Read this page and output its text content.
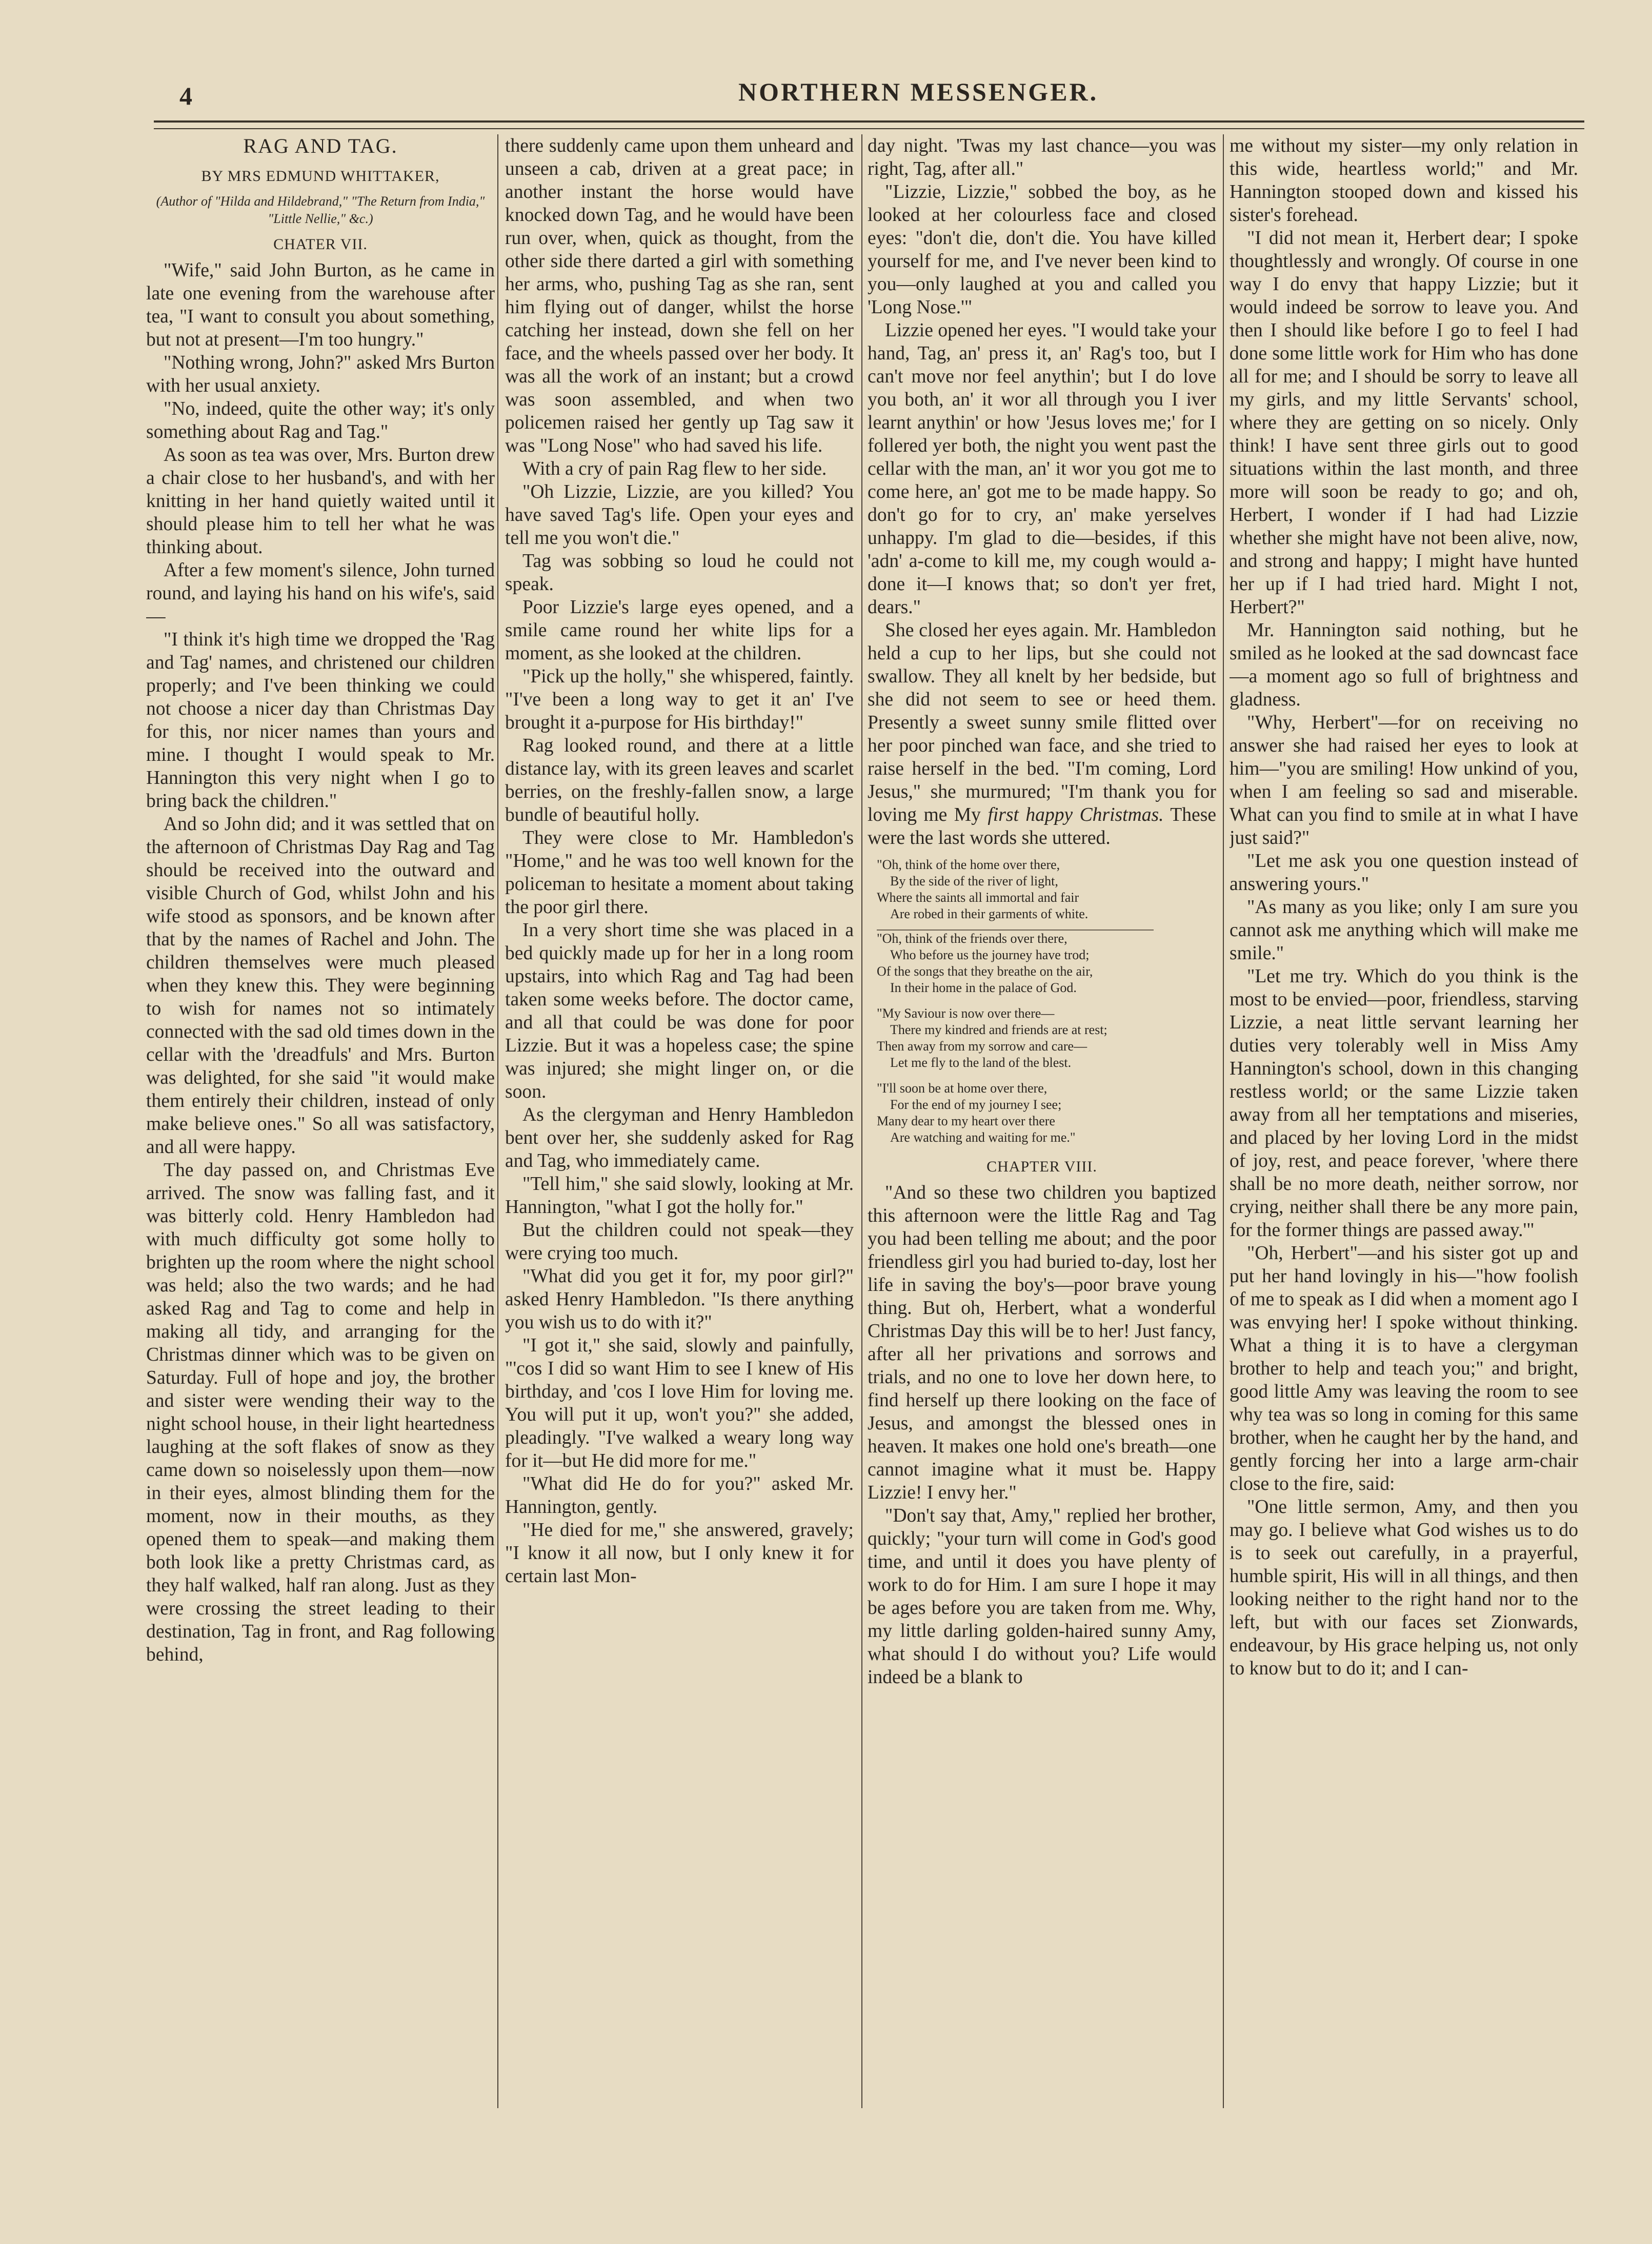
4	NORTHERN MESSENGER.

RAG AND TAG.

BY MRS EDMUND WHITTAKER,

(Author of "Hilda and Hildebrand," "The Return from India," "Little Nellie," &c.)

CHATER VII.

"Wife," said John Burton, as he came in late one evening from the warehouse after tea, "I want to consult you about something, but not at present—I'm too hungry."

"Nothing wrong, John?" asked Mrs Burton with her usual anxiety.

"No, indeed, quite the other way; it's only something about Rag and Tag."

As soon as tea was over, Mrs. Burton drew a chair close to her husband's, and with her knitting in her hand quietly waited until it should please him to tell her what he was thinking about.

After a few moment's silence, John turned round, and laying his hand on his wife's, said—

"I think it's high time we dropped the 'Rag and Tag' names, and christened our children properly; and I've been thinking we could not choose a nicer day than Christmas Day for this, nor nicer names than yours and mine. I thought I would speak to Mr. Hannington this very night when I go to bring back the children."

And so John did; and it was settled that on the afternoon of Christmas Day Rag and Tag should be received into the outward and visible Church of God, whilst John and his wife stood as sponsors, and be known after that by the names of Rachel and John. The children themselves were much pleased when they knew this. They were beginning to wish for names not so intimately connected with the sad old times down in the cellar with the 'dreadfuls' and Mrs. Burton was delighted, for she said "it would make them entirely their children, instead of only make believe ones." So all was satisfactory, and all were happy.

The day passed on, and Christmas Eve arrived. The snow was falling fast, and it was bitterly cold. Henry Hambledon had with much difficulty got some holly to brighten up the room where the night school was held; also the two wards; and he had asked Rag and Tag to come and help in making all tidy, and arranging for the Christmas dinner which was to be given on Saturday. Full of hope and joy, the brother and sister were wending their way to the night school house, in their light heartedness laughing at the soft flakes of snow as they came down so noiselessly upon them—now in their eyes, almost blinding them for the moment, now in their mouths, as they opened them to speak—and making them both look like a pretty Christmas card, as they half walked, half ran along. Just as they were crossing the street leading to their destination, Tag in front, and Rag following behind,

there suddenly came upon them unheard and unseen a cab, driven at a great pace; in another instant the horse would have knocked down Tag, and he would have been run over, when, quick as thought, from the other side there darted a girl with something her arms, who, pushing Tag as she ran, sent him flying out of danger, whilst the horse catching her instead, down she fell on her face, and the wheels passed over her body. It was all the work of an instant; but a crowd was soon assembled, and when two policemen raised her gently up Tag saw it was "Long Nose" who had saved his life.

With a cry of pain Rag flew to her side.

"Oh Lizzie, Lizzie, are you killed? You have saved Tag's life. Open your eyes and tell me you won't die."

Tag was sobbing so loud he could not speak.

Poor Lizzie's large eyes opened, and a smile came round her white lips for a moment, as she looked at the children.

"Pick up the holly," she whispered, faintly. "I've been a long way to get it an' I've brought it a-purpose for His birthday!"

Rag looked round, and there at a little distance lay, with its green leaves and scarlet berries, on the freshly-fallen snow, a large bundle of beautiful holly.

They were close to Mr. Hambledon's "Home," and he was too well known for the policeman to hesitate a moment about taking the poor girl there.

In a very short time she was placed in a bed quickly made up for her in a long room upstairs, into which Rag and Tag had been taken some weeks before. The doctor came, and all that could be was done for poor Lizzie. But it was a hopeless case; the spine was injured; she might linger on, or die soon.

As the clergyman and Henry Hambledon bent over her, she suddenly asked for Rag and Tag, who immediately came.

"Tell him," she said slowly, looking at Mr. Hannington, "what I got the holly for."

But the children could not speak—they were crying too much.

"What did you get it for, my poor girl?" asked Henry Hambledon. "Is there anything you wish us to do with it?"

"I got it," she said, slowly and painfully, "'cos I did so want Him to see I knew of His birthday, and 'cos I love Him for loving me. You will put it up, won't you?" she added, pleadingly. "I've walked a weary long way for it—but He did more for me."

"What did He do for you?" asked Mr. Hannington, gently.

"He died for me," she answered, gravely; "I know it all now, but I only knew it for certain last Mon-

day night. 'Twas my last chance—you was right, Tag, after all."

"Lizzie, Lizzie," sobbed the boy, as he looked at her colourless face and closed eyes: "don't die, don't die. You have killed yourself for me, and I've never been kind to you—only laughed at you and called you 'Long Nose.'"

Lizzie opened her eyes. "I would take your hand, Tag, an' press it, an' Rag's too, but I can't move nor feel anythin'; but I do love you both, an' it wor all through you I iver learnt anythin' or how 'Jesus loves me;' for I follered yer both, the night you went past the cellar with the man, an' it wor you got me to come here, an' got me to be made happy. So don't go for to cry, an' make yerselves unhappy. I'm glad to die—besides, if this 'adn' a-come to kill me, my cough would a-done it—I knows that; so don't yer fret, dears."

She closed her eyes again. Mr. Hambledon held a cup to her lips, but she could not swallow. They all knelt by her bedside, but she did not seem to see or heed them. Presently a sweet sunny smile flitted over her poor pinched wan face, and she tried to raise herself in the bed. "I'm coming, Lord Jesus," she murmured; "I'm thank you for loving me My first happy Christmas. These were the last words she uttered.

"Oh, think of the home over there,
By the side of the river of light,
Where the saints all immortal and fair
Are robed in their garments of white.
"Oh, think of the friends over there,
Who before us the journey have trod;
Of the songs that they breathe on the air,
In their home in the palace of God.
"My Saviour is now over there—
There my kindred and friends are at rest;
Then away from my sorrow and care—
Let me fly to the land of the blest.
"I'll soon be at home over there,
For the end of my journey I see;
Many dear to my heart over there
Are watching and waiting for me."

CHAPTER VIII.

"And so these two children you baptized this afternoon were the little Rag and Tag you had been telling me about; and the poor friendless girl you had buried to-day, lost her life in saving the boy's—poor brave young thing. But oh, Herbert, what a wonderful Christmas Day this will be to her! Just fancy, after all her privations and sorrows and trials, and no one to love her down here, to find herself up there looking on the face of Jesus, and amongst the blessed ones in heaven. It makes one hold one's breath—one cannot imagine what it must be. Happy Lizzie! I envy her."

"Don't say that, Amy," replied her brother, quickly; "your turn will come in God's good time, and until it does you have plenty of work to do for Him. I am sure I hope it may be ages before you are taken from me. Why, my little darling golden-haired sunny Amy, what should I do without you? Life would indeed be a blank to

me without my sister—my only relation in this wide, heartless world;" and Mr. Hannington stooped down and kissed his sister's forehead.

"I did not mean it, Herbert dear; I spoke thoughtlessly and wrongly. Of course in one way I do envy that happy Lizzie; but it would indeed be sorrow to leave you. And then I should like before I go to feel I had done some little work for Him who has done all for me; and I should be sorry to leave all my girls, and my little Servants' school, where they are getting on so nicely. Only think! I have sent three girls out to good situations within the last month, and three more will soon be ready to go; and oh, Herbert, I wonder if I had had Lizzie whether she might have not been alive, now, and strong and happy; I might have hunted her up if I had tried hard. Might I not, Herbert?"

Mr. Hannington said nothing, but he smiled as he looked at the sad downcast face—a moment ago so full of brightness and gladness.

"Why, Herbert"—for on receiving no answer she had raised her eyes to look at him—"you are smiling! How unkind of you, when I am feeling so sad and miserable. What can you find to smile at in what I have just said?"

"Let me ask you one question instead of answering yours."

"As many as you like; only I am sure you cannot ask me anything which will make me smile."

"Let me try. Which do you think is the most to be envied—poor, friendless, starving Lizzie, a neat little servant learning her duties very tolerably well in Miss Amy Hannington's school, down in this changing restless world; or the same Lizzie taken away from all her temptations and miseries, and placed by her loving Lord in the midst of joy, rest, and peace forever, 'where there shall be no more death, neither sorrow, nor crying, neither shall there be any more pain, for the former things are passed away.'"

"Oh, Herbert"—and his sister got up and put her hand lovingly in his—"how foolish of me to speak as I did when a moment ago I was envying her! I spoke without thinking. What a thing it is to have a clergyman brother to help and teach you;" and bright, good little Amy was leaving the room to see why tea was so long in coming for this same brother, when he caught her by the hand, and gently forcing her into a large arm-chair close to the fire, said:

"One little sermon, Amy, and then you may go. I believe what God wishes us to do is to seek out carefully, in a prayerful, humble spirit, His will in all things, and then looking neither to the right hand nor to the left, but with our faces set Zionwards, endeavour, by His grace helping us, not only to know but to do it; and I can-
